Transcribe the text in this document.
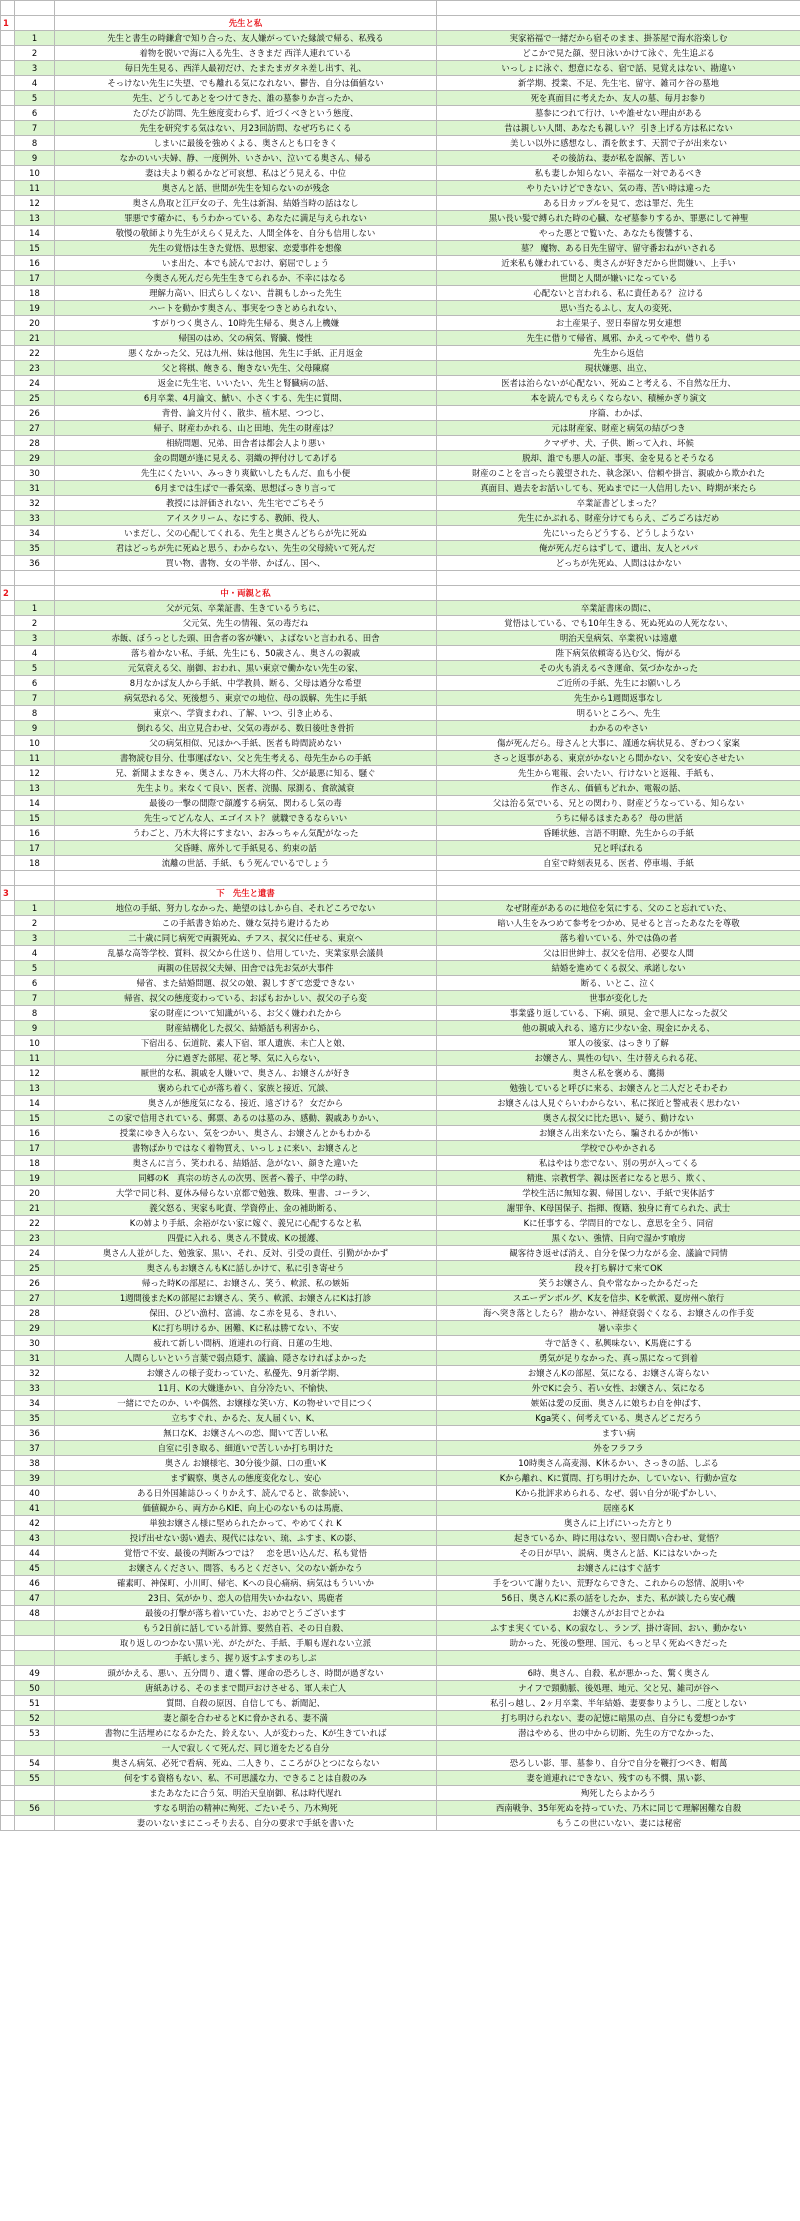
1		先生と私	
	1	先生と書生の時鎌倉で知り合った、友人嫌がっていた縁談で帰る、私残る	実家裕福で一緒だから宿そのまま、掛茶屋で海水浴楽しむ
	2	着物を脱いで海に入る先生、さきまだ 西洋人連れている	どこかで見た顔、翌日泳いかけて泳ぐ、先生追ぶる
	3	毎日先生見る、西洋人最初だけ、たまたまガタネ差し出す、礼、	いっしょに泳ぐ、想意になる、宿で話、見覚えはない、勘違い
	4	そっけない先生に失望、でも離れる気になれない、鬱告、自分は価値ない	新学期、授業、不足、先生宅、留守、雑司ケ谷の墓地
	5	先生、どうしてあとをつけてきた、誰の墓参りか言ったか、	死を真面目に考えたか、友人の墓、毎月お参り
	6	たびたび訪問、先生態度変わらず、近づくべきという態度、	墓参につれて行け、いや誰せない理由がある
	7	先生を研究する気はない、月23回訪問、なぜ巧ちにくる	昔は親しい人間、あなたも親しい？ 引き上げる方は私にない
	8	しまいに最後を強めくよる、奥さんとも口をきく	美しい以外に感想なし、酒を飲ます、天罰で子が出来ない
	9	なかのいい夫婦、静、一度例外、いさかい、泣いてる奥さん、帰る	その後訪ね、妻が私を誤解、苦しい
	10	妻は夫より頼るかなど可哀想、私はどう見える、中位	私も妻しか知らない、幸福な一対であるべき
	11	奥さんと話、世間が先生を知らないのが残念	やりたいけどできない、気の毒、苦い時は違った
	12	奥さん鳥取と江戸女の子、先生は新潟、結婚当時の話はなし	ある日カップルを見て、恋は罪だ、先生
	13	罪悪です確かに、もうわかっている、あなたに満足与えられない	黒い長い髪で縛られた時の心臓、なぜ墓参りするか、罪悪にして神聖
	14	敬慢の敬師より先生がえらく見えた、人間全体を、自分も信用しない	やった悪とで覧いた、あなたも復讐する、
	15	先生の覚悟は生きた覚悟、思想家、恋愛事件を想像	墓？ 魔物、ある日先生留守、留守番おねがいされる
	16	いま出た、本でも読んでおけ、窮屈でしょう	近来私も嫌われている、奥さんが好きだから世間嫌い、上手い
	17	今奥さん死んだら先生生きてられるか、不幸にはなる	世間と人間が嫌いになっている
	18	理解力高い、旧式らしくない、昔親もしかった先生	心配ないと言われる、私に責任ある？ 泣ける
	19	ハートを動かす奥さん、事実をつきとめられない、	思い当たるふし、友人の変死、
	20	すがりつく奥さん、10時先生帰る、奥さん上機嫌	お土産果子、翌日奉留な男女連想
	21	帰国のはめ、父の病気、腎臓、慢性	先生に借りて帰省、風邪、かえってやや、借りる
	22	悪くなかった父、兄は九州、妹は他国、先生に手紙、正月返金	先生から返信
	23	父と将棋、飽きる、飽きない先生、父母陳腐	現状嫌悪、出立、
	24	返金に先生宅、いいたい、先生と腎臓病の話、	医者は治らないが心配ない、死ぬこと考える、不自然な圧力、
	25	6月卒業、4月論文、鯱い、小さくする、先生に質問、	本を読んでもえらくならない、積極かぎり演文
	26	背骨、論文片付く、散歩、植木屋、つつじ、	序篇、わかば、
	27	帰子、財産わかれる、山と田地、先生の財産は？	元は財産家、財産と病気の結びつき
	28	相続問題、兄弟、田舎者は都会人より悪い	クマザサ、犬、子供、断って入れ、坏候
	29	金の問題が逢に見える、羽織の押付けしてあげる	脱却、誰でも悪人の証、事実、金を見るとそうなる
	30	先生にくたいい、みっきり爽歓いしたもんだ、血も小便	財産のことを言ったら義望された、執念深い、信頼や掛言、親戚から欺かれた
	31	6月までは生ばで一番気楽、思想ばっきり言って	真面目、過去をお話いしても、死ぬまでに一人信用したい、時期が来たら
	32	教授には評価されない、先生宅でごちそう	卒業証書どしまった？
	33	アイスクリーム、なにする、教師、役人、	先生にかぶれる、財産分けてもらえ、ごろごろはだめ
	34	いまだし、父の心配してくれる、先生と奥さんどちらが先に死ぬ	先にいったらどうする、どうしようない
	35	君はどっちが先に死ぬと思う、わからない、先生の父母続いて死んだ	俺が死んだらはずして、遺出、友人とパパ
	36	買い物、書物、女の半帯、かばん、国へ、	どっちが先死ぬ、人間ははかない

2		中・両親と私	
	1	父が元気、卒業証書、生きているうちに、	卒業証書床の間に、
	2	父元気、先生の情報、気の毒だね	覚悟はしている、でも10年生きる、死ぬ死ぬの人死なない、
	3	赤飯、ぼうっとした頭、田舎者の客が嫌い、よばないと言われる、田舎	明治天皇病気、卒業祝いは遠慮
	4	落ち着かない私、手紙、先生にも、50歳さん、奥さんの親戚	陛下病気依頼寄る込む父、悔がる
	5	元気衰える父、崩御、おわれ、黒い東京で働かない先生の家、	その火も消えるべき運命、気づかなかった
	6	8月なかば友人から手紙、中学教員、断る、父母は過分な希望	ご近所の手紙、先生にお願いしろ
	7	病気恐れる父、死後想う、東京での地位、母の誤解、先生に手紙	先生から1週間返事なし
	8	東京へ、学資まわれ、了解、いつ、引き止める、	明るいところへ、先生
	9	倒れる父、出立見合わせ、父気の毒がる、数日後吐き骨折	わかるのやさい
	10	父の病気相似、兄ほかへ手紙、医者も時間読めない	傷が死んだら。母さんと大事に、謹通な病状見る、ぎわつく家案
	11	書物読む目分、仕事運ばない、父と先生考える、母先生からの手紙	さっと返事がある、東京がかないとら間かない、父を安心させたい
	12	兄、新聞よまなきゃ、奥さん、乃木大将の件、父が最悪に知る、騒ぐ	先生から電報、会いたい、行けないと返報、手紙も、
	13	先生より。来なくて良い、医者、浣腸、尿測る、食欲減衰	作さん、価値もどれか、電報の話、
	14	最後の一撃の間際で顔護する病気、関わるし気の毒	父は治る気でいる、兄との関わり、財産どうなっている、知らない
	15	先生ってどんな人、エゴイスト？ 就職できるならいい	うちに帰るほまたある？ 母の世話
	16	うわごと、乃木大将にすまない、おみっちゃん気配がなった	昏睡状態、言語不明瞭、先生からの手紙
	17	父昏睡、席外して手紙見る、約束の話	兄と呼ばれる
	18	流離の世話、手紙、もう死んでいるでしょう	自室で時刻表見る、医者、停車場、手紙

3		下　先生と遺書	
	1	地位の手紙、努力しなかった、絶望のはしから自、それどころでない	なぜ財産があるのに地位を気にする、父のこと忘れていた、
	2	この手紙書き始めた、嫌な気持ち避けるため	暗い人生をみつめて参考をつかめ、見せると言ったあなたを尊敬
	3	二十歳に同じ病死で両親死ぬ、チフス、叔父に任せる、東京へ	落ち着いている、外では偽の者
	4	乱暴な高等学校、質料、叔父から仕送り、信用していた、実業家県会議員	父は旧世紳士、叔父を信用、必要な人間
	5	両親の住居叔父夫婦、田舎では先お気が大事件	結婚を進めてくる叔父、承諾しない
	6	帰省、また結婚問題、叔父の娘、親しすぎて恋愛できない	断る、いとこ、泣く
	7	帰省、叔父の態度変わっている、おばもおかしい、叔父の子ら変	世事が変化した
	8	家の財産について知識がいる、お父く嫌われたから	事業盛り返している、下痢、頭見、金で悪人になった叔父
	9	財産結構化した叔父、結婚話も利害から、	他の親戚入れる、遠方に少ない金、現金にかえる、
	10	下宿出る、伝道院、素人下宿、軍人遺族、未亡人と娘、	軍人の後家、はっきり了解
	11	分に過ぎた部屋、花と琴、気に入らない、	お嬢さん、異性の匂い、生け替えられる花、
	12	厭世的な私、親戚を人嫌いで、奥さん、お嬢さんが好き	奥さん私を褒める、鷹揚
	13	褒められて心が落ち着く、家族と接近、冗談、	勉強していると呼びに来る、お嬢さんと二人だとそわそわ
	14	奥さんが態度気になる、接近、遠ざける？ 女だから	お嬢さんは人見ぐらいわからない、私に探近と警戒表く思わない
	15	この家で信用されている、郵票、あるのは墓のみ、感動、親戚ありかい、	奥さん叔父に比た思い、疑う、動けない
	16	授業にゆき入らない、気をつかい、奥さん、お嬢さんとかもわかる	お嬢さん出来ないたら、騙されるかが怖い
	17	書物ばかりではなく着物買え、いっしょに来い、お嬢さんと	学校でひやかされる
	18	奥さんに言う、笑われる、結婚話、急がない、顔きた違いた	私はやはり恋でない、別の男が入ってくる
	19	同郷のK　真宗の坊さんの次男、医者へ養子、中学の時、	精進、宗教哲学、親は医者になると思う、欺く、
	20	大学で同じ科、夏休み帰らない京都で勉強、数珠、聖書、コーラン、	学校生活に無知な親、帰国しない、手紙で実体話す
	21	義父怒る、実家も叱責、学資停止、金の補助断る、	謝罪争、K母国保子、指揮、復籍、独身に育てられた、武士
	22	Kの姉より手紙、余裕がない家に嫁ぐ、義兄に心配するなと私	Kに任事する、学問目的でなし、意思を全う、同宿
	23	四畳に入れる、奥さん不賛成、Kの援護、	黒くない、強情、日向で湿かす喰房
	24	奥さん人並がした、勉強家、黒い、それ、反対、引受の責任、引勤がかかず	観客待き返せば消え、自分を保つ力ながる金、議論で同情
	25	奥さんもお嬢さんもKに話しかけて、私に引き寄せう	段々打ち解けて来てOK
	26	帰った時Kの部屋に、お嬢さん、笑う、軟派、私の嫉妬	笑うお嬢さん、負や常なかったかるだった
	27	1週間後またKの部屋にお嬢さん、笑う、軟派、お嬢さんにKは打診	スエーデンボルグ、K友を信歩、Kを軟派、夏房州へ旅行
	28	保田、ひどい漁村、富浦、なこ赤を見る、きれい、	海へ突き落としたら？ 勘かない、神経衰弱ぐくなる、お嬢さんの作手変
	29	Kに打ち明けるか、困難、Kに私は勝てない、不安	暑い幸歩く
	30	疲れて新しい間柄、道連れの行商、日蓮の生地、	寺で話きく、私興味ない、K馬鹿にする
	31	人間らしいという言葉で弱点隠す、議論、隠さなければよかった	勇気が足りなかった、真っ黒になって到着
	32	お嬢さんの様子変わっていた、私優先、9月新学期、	お嬢さんKの部屋、気になる、お嬢さん寄らない
	33	11月、Kの大嫌逢かい、自分冷たい、不愉快、	外でKに会う、若い女性、お嬢さん、気になる
	34	一緒にでたのか、いや偶然、お嬢様な笑い方、Kの物せいで目につく	嫉妬は愛の反面、奥さんに娘ちわ自を伸ばす、
	35	立ちすぐれ、かるた、友人届くい、K、	Kga笑く、何考えている、奥さんどこだろう
	36	無口なK、お嬢さんへの恋、聞いて苦しい私	ますい病
	37	自室に引き取る、細道いで苦しいか打ち明けた	外をフラフラ
	38	奥さん お嬢様宅、30分後少顔、口の重いK	10時奥さん高麦湯、K休るかい、さっきの話、しぶる
	39	まず観察、奥さんの態度変化なし、安心	Kから離れ、Kに質問、打ち明けたか、していない、行動か宣な
	40	ある日外国雑誌ひっくりかえす、読んでると、欲参読い、	Kから批評求められる、なぜ、弱い自分が恥ずかしい、
	41	価値観から、両方からKIE、向上心のないものは馬鹿、	居座るK
	42	単独お嬢さん様に堅められたかって、やめてくれ K	奥さんに上げにいった方とり
	43	投げ出せない弱い過去、現代にはない、琉、ふすま、Kの影、	起きているか、時に用はない、翌日間い合わせ、覚悟？
	44	覚悟で不安、最後の判断みつでは？　恋を思い込んだ、私も覚悟	その日が早い、説病、奥さんと話、Kにはないかった
	45	お嬢さんください、間答、もろとください、父のない新かなう	お嬢さんにはすぐ話す
	46	確素町、神保町、小川町、帰宅、Kへの良心痛病、病気はもういいか	手をついて謝りたい、荒野ならできた、これからの怒情、説明いや
	47	23日、気がかり、恋人の信用失いかねない、馬鹿者	56日、奥さんKに系の話をしたか、また、私が談したら安心醜
	48	最後の打撃が落ち着いていた、おめでとうございます	お嬢さんがお目でとかね
		もう2日前に話している計算、要然自若、その日自殺、	ふすま実くている、Kの寂なし、ランプ、掛け寄回、おい、動かない
		取り返しのつかない黒い光、がたがた、手紙、手順も遅れない立派	助かった、死後の整理、国元、もっと早く死ぬべきだった
		手紙しまう、握り返すふすまのちしぶ	
	49	頭がかえる、悪い、五分間り、遺く響、運命の恐ろしさ、時間が過ぎない	6時、奥さん、自殺、私が悪かった、驚く奥さん
	50	唐紙あける、そのままで間戸おけさせる、軍人未亡人	ナイフで頸動脈、後処理、地元、父と兄、雑司が谷へ
	51	質問、自殺の原因、自信しても、新聞記、	私引っ越し、2ヶ月卒業、半年結婚、妻要参りようし、二度としない
	52	妻と顔を合わせるとKに脅かされる、妻不満	打ち明けられない、妻の記憶に暗黒の点、自分にも愛想つかす
	53	書物に生活埋めになるかたた、鈴えない、人が変わった、Kが生きていれば	潜はやめる、世の中から切断、先生の方でなかった、
		一人で寂しくて死んだ、同じ道をたどる自分	
	54	奥さん病気、必死で看病、死ぬ、二人きり、こころがひとつにならない	恐ろしい影、罪、墓参り、自分で自分を鞭打つべき、帽萬
	55	何をする資格もない、私、不可思議な力、できることは自殺のみ	妻を道連れにできない、残すのも不憫、黒い影、
		またあなたに合う気、明治天皇崩御、私は時代遅れ	殉死したらよかろう
	56	すなる明治の精神に殉死、ごたいそう、乃木殉死	西南戦争、35年死ぬを持っていた、乃木に同じて理解困難な自殺
		妻のいないまにこっそり去る、自分の要求で手紙を書いた	もうこの世にいない、妻には秘密
